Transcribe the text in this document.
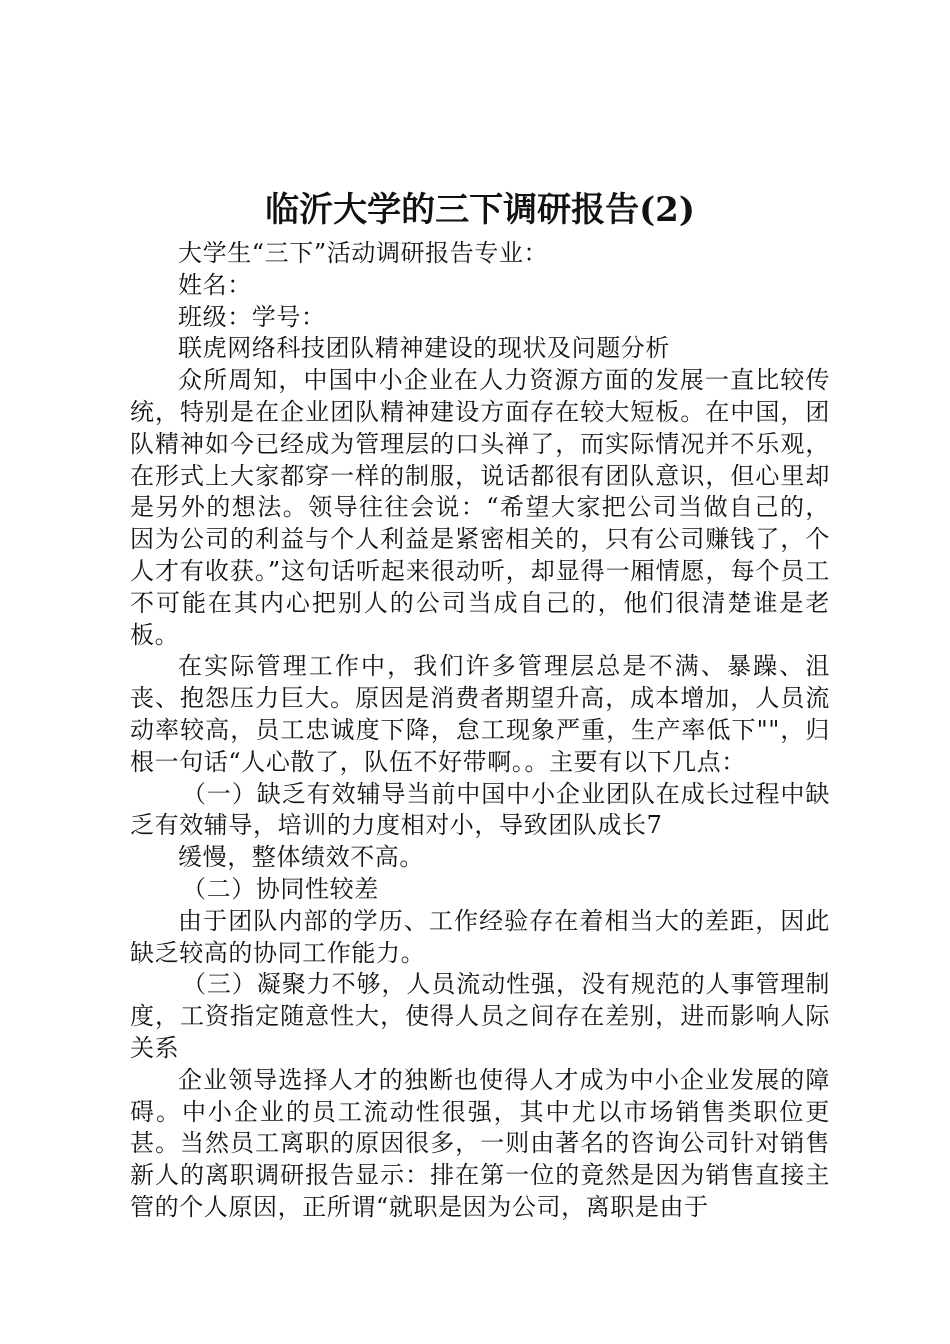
临沂大学的三下调研报告(2)

大学生“三下”活动调研报告专业：

姓名：

班级：学号：

联虎网络科技团队精神建设的现状及问题分析

众所周知，中国中小企业在人力资源方面的发展一直比较传统，特别是在企业团队精神建设方面存在较大短板。在中国，团队精神如今已经成为管理层的口头禅了，而实际情况并不乐观，在形式上大家都穿一样的制服，说话都很有团队意识，但心里却是另外的想法。领导往往会说：“希望大家把公司当做自己的，因为公司的利益与个人利益是紧密相关的，只有公司赚钱了，个人才有收获。”这句话听起来很动听，却显得一厢情愿，每个员工不可能在其内心把别人的公司当成自己的，他们很清楚谁是老板。

在实际管理工作中，我们许多管理层总是不满、暴躁、沮丧、抱怨压力巨大。原因是消费者期望升高，成本增加，人员流动率较高，员工忠诚度下降，怠工现象严重，生产率低下""，归根一句话“人心散了，队伍不好带啊。。主要有以下几点：

（一）缺乏有效辅导当前中国中小企业团队在成长过程中缺乏有效辅导，培训的力度相对小，导致团队成长7

缓慢，整体绩效不高。

（二）协同性较差

由于团队内部的学历、工作经验存在着相当大的差距，因此缺乏较高的协同工作能力。

（三）凝聚力不够，人员流动性强，没有规范的人事管理制度，工资指定随意性大，使得人员之间存在差别，进而影响人际关系

企业领导选择人才的独断也使得人才成为中小企业发展的障碍。中小企业的员工流动性很强，其中尤以市场销售类职位更甚。当然员工离职的原因很多，一则由著名的咨询公司针对销售新人的离职调研报告显示：排在第一位的竟然是因为销售直接主管的个人原因，正所谓“就职是因为公司，离职是由于
